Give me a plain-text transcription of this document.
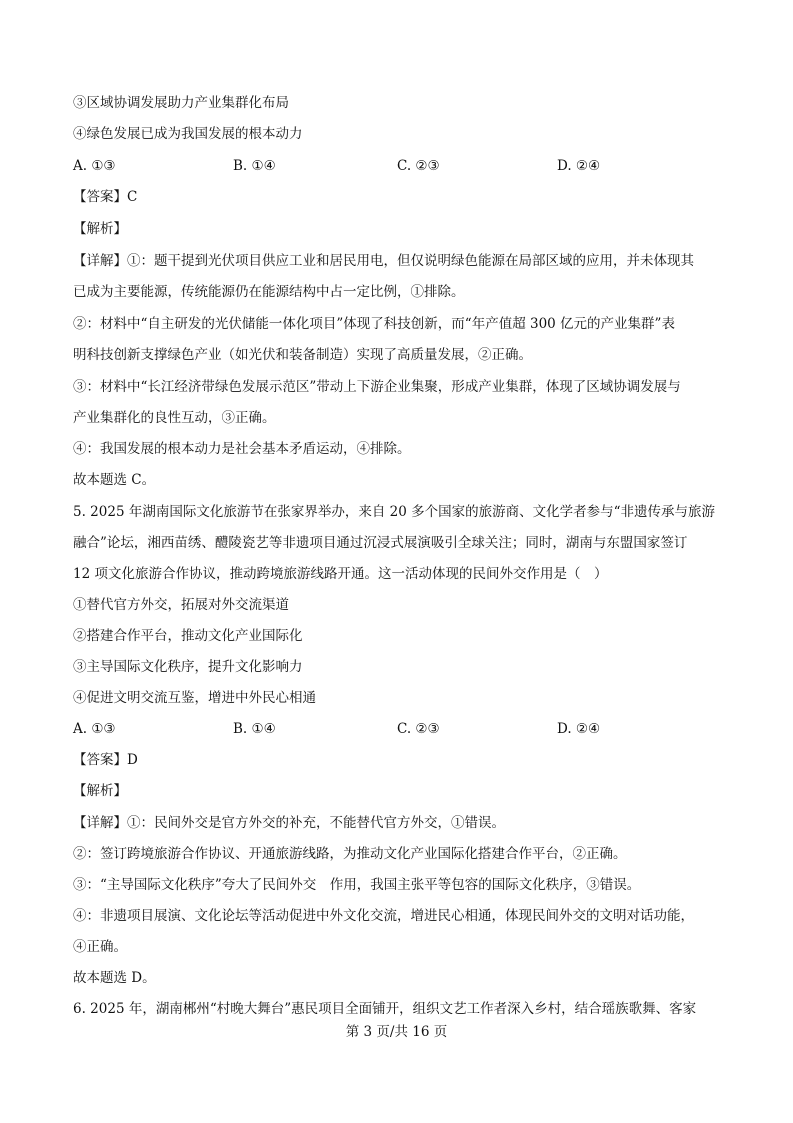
③区域协调发展助力产业集群化布局
④绿色发展已成为我国发展的根本动力
A. ①③	B. ①④	C. ②③	D. ②④
【答案】C
【解析】
【详解】①：题干提到光伏项目供应工业和居民用电，但仅说明绿色能源在局部区域的应用，并未体现其
已成为主要能源，传统能源仍在能源结构中占一定比例，①排除。
②：材料中“自主研发的光伏储能一体化项目”体现了科技创新，而“年产值超 300 亿元的产业集群”表
明科技创新支撑绿色产业（如光伏和装备制造）实现了高质量发展，②正确。
③：材料中“长江经济带绿色发展示范区”带动上下游企业集聚，形成产业集群，体现了区域协调发展与
产业集群化的良性互动，③正确。
④：我国发展的根本动力是社会基本矛盾运动，④排除。
故本题选 C。
5. 2025 年湖南国际文化旅游节在张家界举办，来自 20 多个国家的旅游商、文化学者参与“非遗传承与旅游
融合”论坛，湘西苗绣、醴陵瓷艺等非遗项目通过沉浸式展演吸引全球关注；同时，湖南与东盟国家签订
12 项文化旅游合作协议，推动跨境旅游线路开通。这一活动体现的民间外交作用是（　）
①替代官方外交，拓展对外交流渠道
②搭建合作平台，推动文化产业国际化
③主导国际文化秩序，提升文化影响力
④促进文明交流互鉴，增进中外民心相通
A. ①③	B. ①④	C. ②③	D. ②④
【答案】D
【解析】
【详解】①：民间外交是官方外交的补充，不能替代官方外交，①错误。
②：签订跨境旅游合作协议、开通旅游线路，为推动文化产业国际化搭建合作平台，②正确。
③：“主导国际文化秩序”夸大了民间外交　作用，我国主张平等包容的国际文化秩序，③错误。
④：非遗项目展演、文化论坛等活动促进中外文化交流，增进民心相通，体现民间外交的文明对话功能，
④正确。
故本题选 D。
6. 2025 年，湖南郴州“村晚大舞台”惠民项目全面铺开，组织文艺工作者深入乡村，结合瑶族歌舞、客家
第 3 页/共 16 页
